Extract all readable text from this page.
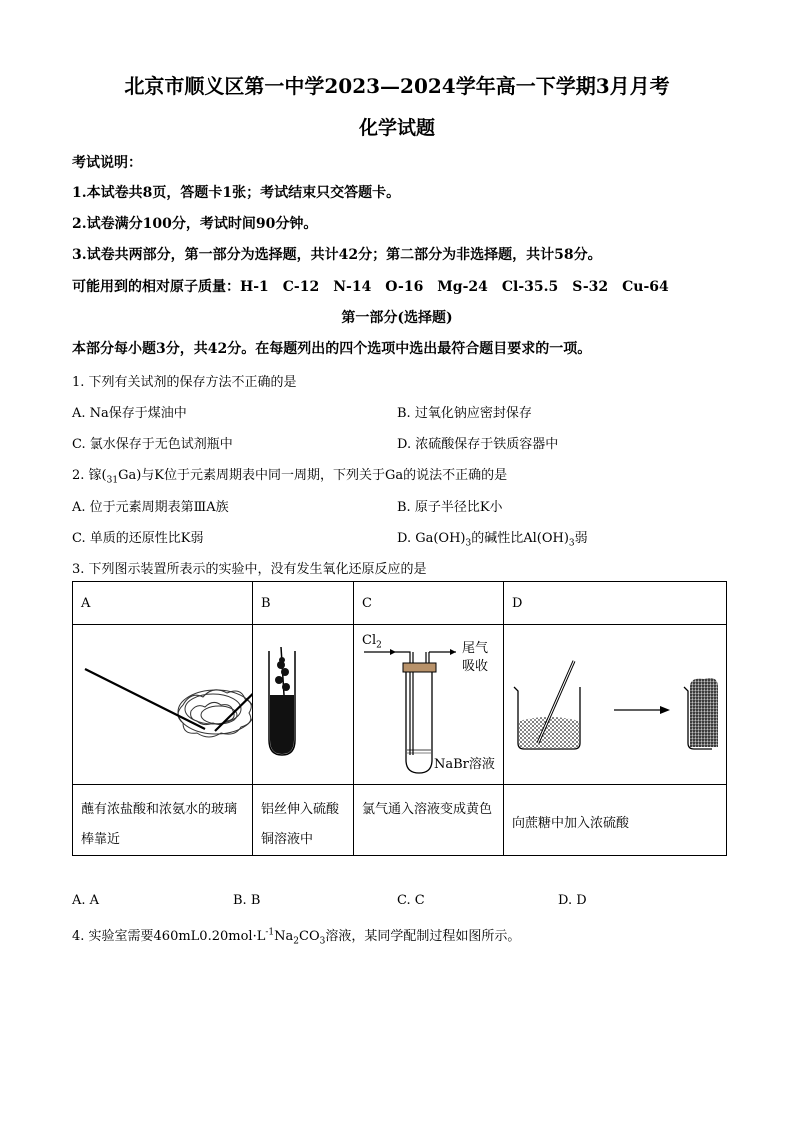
北京市顺义区第一中学2023—2024学年高一下学期3月月考
化学试题
考试说明：
1.本试卷共8页，答题卡1张；考试结束只交答题卡。
2.试卷满分100分，考试时间90分钟。
3.试卷共两部分，第一部分为选择题，共计42分；第二部分为非选择题，共计58分。
可能用到的相对原子质量：H-1　C-12　N-14　O-16　Mg-24　Cl-35.5　S-32　Cu-64
第一部分(选择题)
本部分每小题3分，共42分。在每题列出的四个选项中选出最符合题目要求的一项。
1. 下列有关试剂的保存方法不正确的是
A. Na保存于煤油中	B. 过氧化钠应密封保存
C. 氯水保存于无色试剂瓶中	D. 浓硫酸保存于铁质容器中
2. 镓$(_{31}Ga)$与K位于元素周期表中同一周期，下列关于Ga的说法不正确的是
A. 位于元素周期表第ⅢA族	B. 原子半径比K小
C. 单质的还原性比K弱	D. $Ga(OH)_3$的碱性比$Al(OH)_3$弱
3. 下列图示装置所表示的实验中，没有发生氧化还原反应的是
A	B	C	D

$Cl_2$ 尾气
吸收
NaBr溶液

蘸有浓盐酸和浓氨水的玻璃棒靠近	铝丝伸入硫酸铜溶液中	氯气通入溶液变成黄色	向蔗糖中加入浓硫酸
A. A	B. B	C. C	D. D
4. 实验室需要$460mL0.20mol\cdot L^{-1}Na_2CO_3$溶液，某同学配制过程如图所示。
